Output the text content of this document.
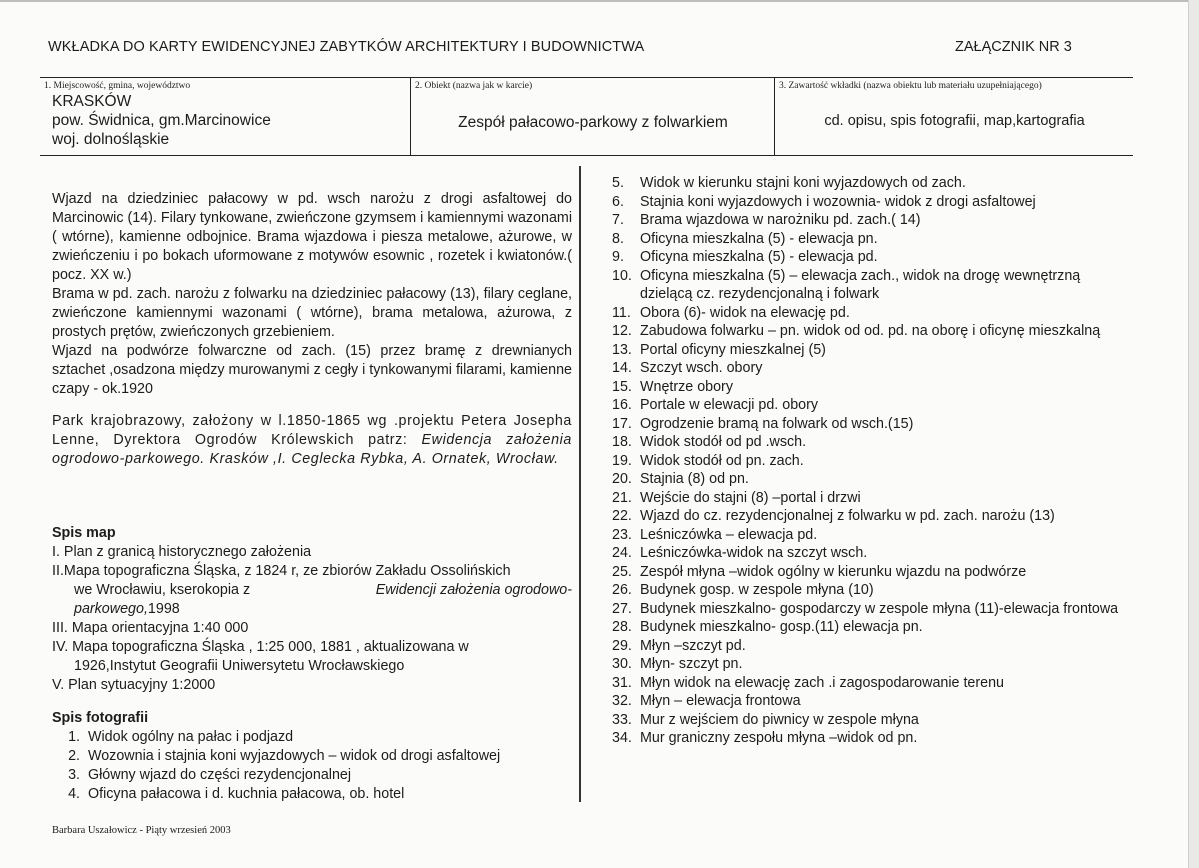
WKŁADKA DO KARTY EWIDENCYJNEJ ZABYTKÓW ARCHITEKTURY I BUDOWNICTWA	ZAŁĄCZNIK NR 3
1. Miejscowość, gmina, województwo
KRASKÓW
pow. Świdnica, gm.Marcinowice
woj. dolnośląskie
2. Obiekt (nazwa jak w karcie)
Zespół pałacowo-parkowy z folwarkiem
3. Zawartość wkładki (nazwa obiektu lub materiału uzupełniającego)
cd. opisu, spis fotografii, map,kartografia
Wjazd na dziedziniec pałacowy w pd. wsch narożu z drogi asfaltowej do Marcinowic (14). Filary tynkowane, zwieńczone gzymsem i kamiennymi wazonami ( wtórne), kamienne odbojnice. Brama wjazdowa i piesza metalowe, ażurowe, w zwieńczeniu i po bokach uformowane z motywów esownic , rozetek i kwiatonów.( pocz. XX w.)
Brama w pd. zach. narożu z folwarku na dziedziniec pałacowy (13), filary ceglane, zwieńczone kamiennymi wazonami ( wtórne), brama metalowa, ażurowa, z prostych prętów, zwieńczonych grzebieniem.
Wjazd na podwórze folwarczne od zach. (15) przez bramę z drewnianych sztachet ,osadzona między murowanymi z cegły i tynkowanymi filarami, kamienne czapy - ok.1920
Park krajobrazowy, założony w l.1850-1865 wg .projektu Petera Josepha Lenne, Dyrektora Ogrodów Królewskich patrz: Ewidencja założenia ogrodowo-parkowego. Kraskόw ,I. Ceglecka Rybka, A. Ornatek, Wrocław.
Spis map
I. Plan z granicą historycznego założenia
II.Mapa topograficzna Śląska, z 1824 r, ze zbiorów Zakładu Ossolińskich
we Wrocławiu, kserokopia z	Ewidencji założenia ogrodowo-
parkowego,1998
III. Mapa orientacyjna 1:40 000
IV. Mapa topograficzna Śląska , 1:25 000, 1881 , aktualizowana w
1926,Instytut Geografii Uniwersytetu Wrocławskiego
V. Plan sytuacyjny 1:2000
Spis fotografii
1. Widok ogólny na pałac i podjazd
2. Wozownia i stajnia koni wyjazdowych – widok od drogi asfaltowej
3. Główny wjazd do części rezydencjonalnej
4. Oficyna pałacowa i d. kuchnia pałacowa, ob. hotel
5.	Widok w kierunku stajni koni wyjazdowych od zach.
6.	Stajnia koni wyjazdowych i wozownia- widok z drogi asfaltowej
7.	Brama wjazdowa w narożniku pd. zach.( 14)
8.	Oficyna mieszkalna (5) - elewacja pn.
9.	Oficyna mieszkalna (5) - elewacja pd.
10. Oficyna mieszkalna (5) – elewacja zach., widok na drogę wewnętrzną dzielącą cz. rezydencjonalną i folwark
11. Obora (6)- widok na elewację pd.
12. Zabudowa folwarku – pn. widok od od. pd. na oborę i oficynę mieszkalną
13. Portal oficyny mieszkalnej (5)
14. Szczyt wsch. obory
15. Wnętrze obory
16. Portale w elewacji pd. obory
17. Ogrodzenie bramą na folwark od wsch.(15)
18. Widok stodół od pd .wsch.
19. Widok stodół od pn. zach.
20. Stajnia (8) od pn.
21. Wejście do stajni (8) –portal i drzwi
22. Wjazd do cz. rezydencjonalnej z folwarku w pd. zach. narożu (13)
23. Leśniczówka – elewacja pd.
24. Leśniczówka-widok na szczyt wsch.
25. Zespół młyna –widok ogólny w kierunku wjazdu na podwórze
26. Budynek gosp. w zespole młyna (10)
27. Budynek mieszkalno- gospodarczy w zespole młyna (11)-elewacja frontowa
28. Budynek mieszkalno- gosp.(11) elewacja pn.
29. Młyn –szczyt pd.
30. Młyn- szczyt pn.
31. Młyn widok na elewację zach .i zagospodarowanie terenu
32. Młyn – elewacja frontowa
33. Mur z wejściem do piwnicy w zespole młyna
34. Mur graniczny zespołu młyna –widok od pn.
Barbara Uszałowicz - Piąty wrzesień 2003
